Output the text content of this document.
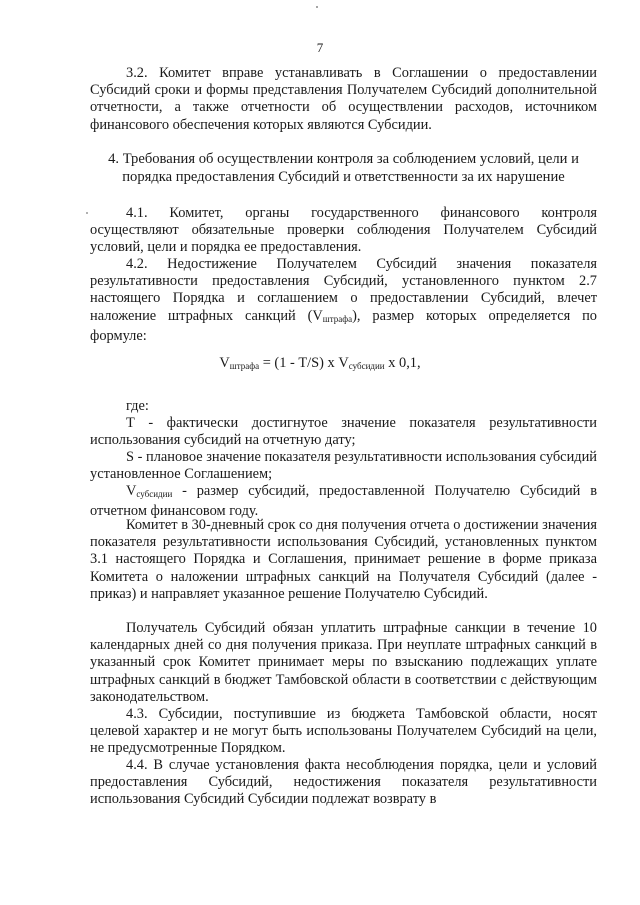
7

3.2. Комитет вправе устанавливать в Соглашении о предоставлении Субсидий сроки и формы представления Получателем Субсидий дополнительной отчетности, а также отчетности об осуществлении расходов, источником финансового обеспечения которых являются Субсидии.

4. Требования об осуществлении контроля за соблюдением условий, цели и порядка предоставления Субсидий и ответственности за их нарушение

4.1. Комитет, органы государственного финансового контроля осуществляют обязательные проверки соблюдения Получателем Субсидий условий, цели и порядка ее предоставления.

4.2. Недостижение Получателем Субсидий значения показателя результативности предоставления Субсидий, установленного пунктом 2.7 настоящего Порядка и соглашением о предоставлении Субсидий, влечет наложение штрафных санкций $(V_{штрафа})$, размер которых определяется по формуле:

$V_{штрафа} = (1 - T/S)$ х $V_{субсидии}$ х 0,1,

где:

Т - фактически достигнутое значение показателя результативности использования субсидий на отчетную дату;

S - плановое значение показателя результативности использования субсидий установленное Соглашением;

$V_{субсидии}$ - размер субсидий, предоставленной Получателю Субсидий в отчетном финансовом году.

Комитет в 30-дневный срок со дня получения отчета о достижении значения показателя результативности использования Субсидий, установленных пунктом 3.1 настоящего Порядка и Соглашения, принимает решение в форме приказа Комитета о наложении штрафных санкций на Получателя Субсидий (далее - приказ) и направляет указанное решение Получателю Субсидий.

Получатель Субсидий обязан уплатить штрафные санкции в течение 10 календарных дней со дня получения приказа. При неуплате штрафных санкций в указанный срок Комитет принимает меры по взысканию подлежащих уплате штрафных санкций в бюджет Тамбовской области в соответствии с действующим законодательством.

4.3. Субсидии, поступившие из бюджета Тамбовской области, носят целевой характер и не могут быть использованы Получателем Субсидий на цели, не предусмотренные Порядком.

4.4. В случае установления факта несоблюдения порядка, цели и условий предоставления Субсидий, недостижения показателя результативности использования Субсидий Субсидии подлежат возврату в
